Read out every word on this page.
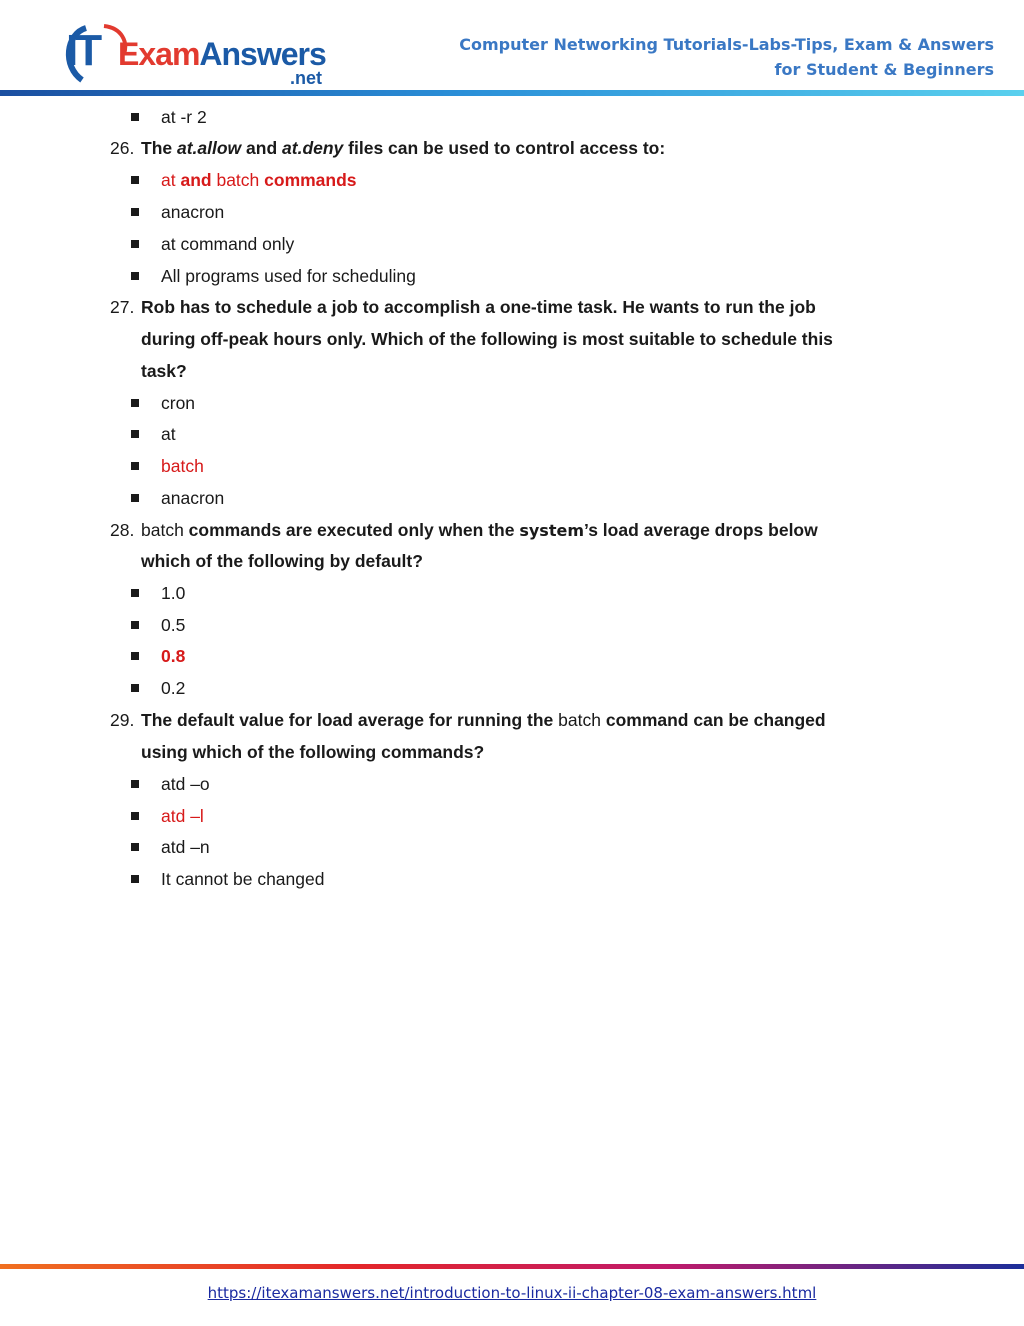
IT ExamAnswers
.net
Computer Networking Tutorials-Labs-Tips, Exam & Answers
for Student & Beginners
at -r 2
26. The at.allow and at.deny files can be used to control access to:
at and batch commands
anacron
at command only
All programs used for scheduling
27. Rob has to schedule a job to accomplish a one-time task. He wants to run the job
during off-peak hours only. Which of the following is most suitable to schedule this
task?
cron
at
batch
anacron
28. batch commands are executed only when the system’s load average drops below
which of the following by default?
1.0
0.5
0.8
0.2
29. The default value for load average for running the batch command can be changed
using which of the following commands?
atd –o
atd –l
atd –n
It cannot be changed
https://itexamanswers.net/introduction-to-linux-ii-chapter-08-exam-answers.html
